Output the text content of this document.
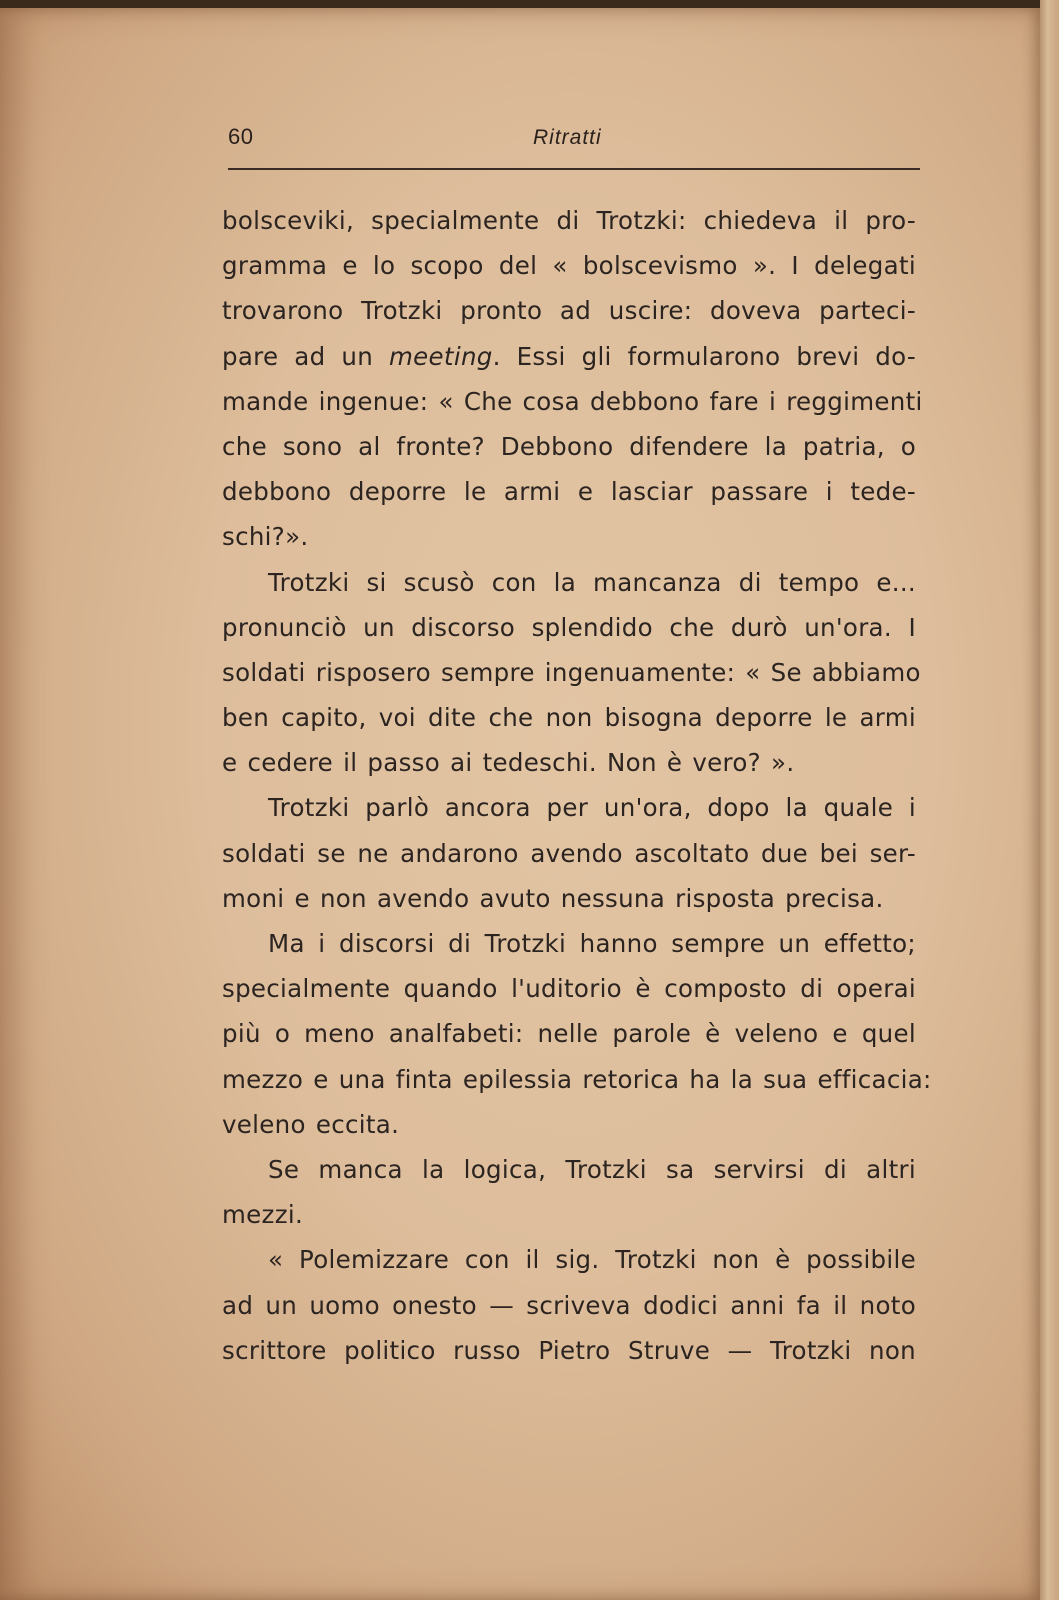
60	Ritratti
bolsceviki, specialmente di Trotzki: chiedeva il pro-
gramma e lo scopo del « bolscevismo ». I delegati
trovarono Trotzki pronto ad uscire: doveva parteci-
pare ad un meeting. Essi gli formularono brevi do-
mande ingenue: « Che cosa debbono fare i reggimenti
che sono al fronte? Debbono difendere la patria, o
debbono deporre le armi e lasciar passare i tede-
schi?».
Trotzki si scusò con la mancanza di tempo e...
pronunciò un discorso splendido che durò un'ora. I
soldati risposero sempre ingenuamente: « Se abbiamo
ben capito, voi dite che non bisogna deporre le armi
e cedere il passo ai tedeschi. Non è vero? ».
Trotzki parlò ancora per un'ora, dopo la quale i
soldati se ne andarono avendo ascoltato due bei ser-
moni e non avendo avuto nessuna risposta precisa.
Ma i discorsi di Trotzki hanno sempre un effetto;
specialmente quando l'uditorio è composto di operai
più o meno analfabeti: nelle parole è veleno e quel
mezzo e una finta epilessia retorica ha la sua efficacia:
veleno eccita.
Se manca la logica, Trotzki sa servirsi di altri
mezzi.
« Polemizzare con il sig. Trotzki non è possibile
ad un uomo onesto — scriveva dodici anni fa il noto
scrittore politico russo Pietro Struve — Trotzki non
